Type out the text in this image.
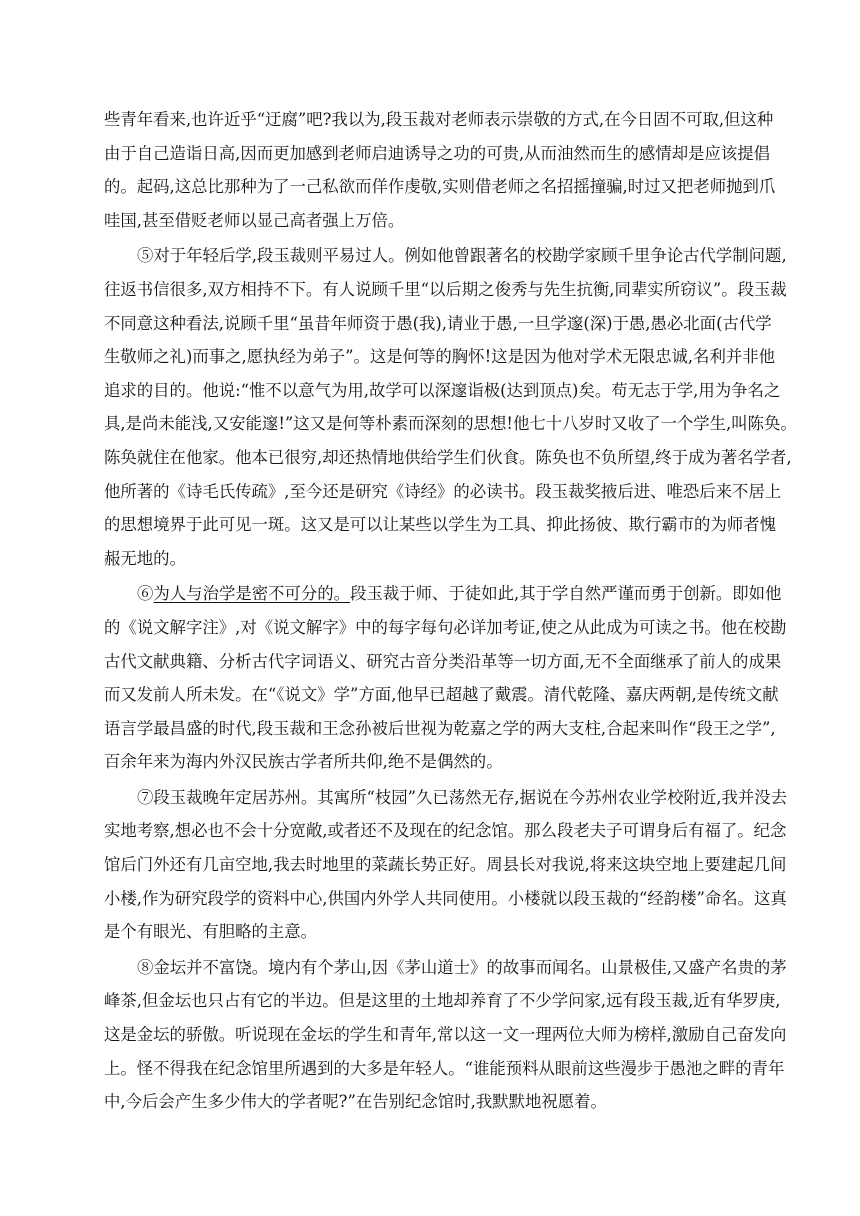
些青年看来,也许近乎“迂腐”吧?我以为,段玉裁对老师表示崇敬的方式,在今日固不可取,但这种
由于自己造诣日高,因而更加感到老师启迪诱导之功的可贵,从而油然而生的感情却是应该提倡
的。起码,这总比那种为了一己私欲而佯作虔敬,实则借老师之名招摇撞骗,时过又把老师抛到爪
哇国,甚至借贬老师以显己高者强上万倍。
⑤对于年轻后学,段玉裁则平易过人。例如他曾跟著名的校勘学家顾千里争论古代学制问题,
往返书信很多,双方相持不下。有人说顾千里“以后期之俊秀与先生抗衡,同辈实所窃议”。段玉裁
不同意这种看法,说顾千里“虽昔年师资于愚(我),请业于愚,一旦学邃(深)于愚,愚必北面(古代学
生敬师之礼)而事之,愿执经为弟子”。这是何等的胸怀!这是因为他对学术无限忠诚,名利并非他
追求的目的。他说:“惟不以意气为用,故学可以深邃诣极(达到顶点)矣。苟无志于学,用为争名之
具,是尚未能浅,又安能邃!”这又是何等朴素而深刻的思想!他七十八岁时又收了一个学生,叫陈奂。
陈奂就住在他家。他本已很穷,却还热情地供给学生们伙食。陈奂也不负所望,终于成为著名学者,
他所著的《诗毛氏传疏》,至今还是研究《诗经》的必读书。段玉裁奖掖后进、唯恐后来不居上
的思想境界于此可见一斑。这又是可以让某些以学生为工具、抑此扬彼、欺行霸市的为师者愧
赧无地的。
⑥为人与治学是密不可分的。段玉裁于师、于徒如此,其于学自然严谨而勇于创新。即如他
的《说文解字注》,对《说文解字》中的每字每句必详加考证,使之从此成为可读之书。他在校勘
古代文献典籍、分析古代字词语义、研究古音分类沿革等一切方面,无不全面继承了前人的成果
而又发前人所未发。在“《说文》学”方面,他早已超越了戴震。清代乾隆、嘉庆两朝,是传统文献
语言学最昌盛的时代,段玉裁和王念孙被后世视为乾嘉之学的两大支柱,合起来叫作“段王之学”,
百余年来为海内外汉民族古学者所共仰,绝不是偶然的。
⑦段玉裁晚年定居苏州。其寓所“枝园”久已荡然无存,据说在今苏州农业学校附近,我并没去
实地考察,想必也不会十分宽敞,或者还不及现在的纪念馆。那么段老夫子可谓身后有福了。纪念
馆后门外还有几亩空地,我去时地里的菜蔬长势正好。周县长对我说,将来这块空地上要建起几间
小楼,作为研究段学的资料中心,供国内外学人共同使用。小楼就以段玉裁的“经韵楼”命名。这真
是个有眼光、有胆略的主意。
⑧金坛并不富饶。境内有个茅山,因《茅山道士》的故事而闻名。山景极佳,又盛产名贵的茅
峰茶,但金坛也只占有它的半边。但是这里的土地却养育了不少学问家,远有段玉裁,近有华罗庚,
这是金坛的骄傲。听说现在金坛的学生和青年,常以这一文一理两位大师为榜样,激励自己奋发向
上。怪不得我在纪念馆里所遇到的大多是年轻人。“谁能预料从眼前这些漫步于愚池之畔的青年
中,今后会产生多少伟大的学者呢?”在告别纪念馆时,我默默地祝愿着。
